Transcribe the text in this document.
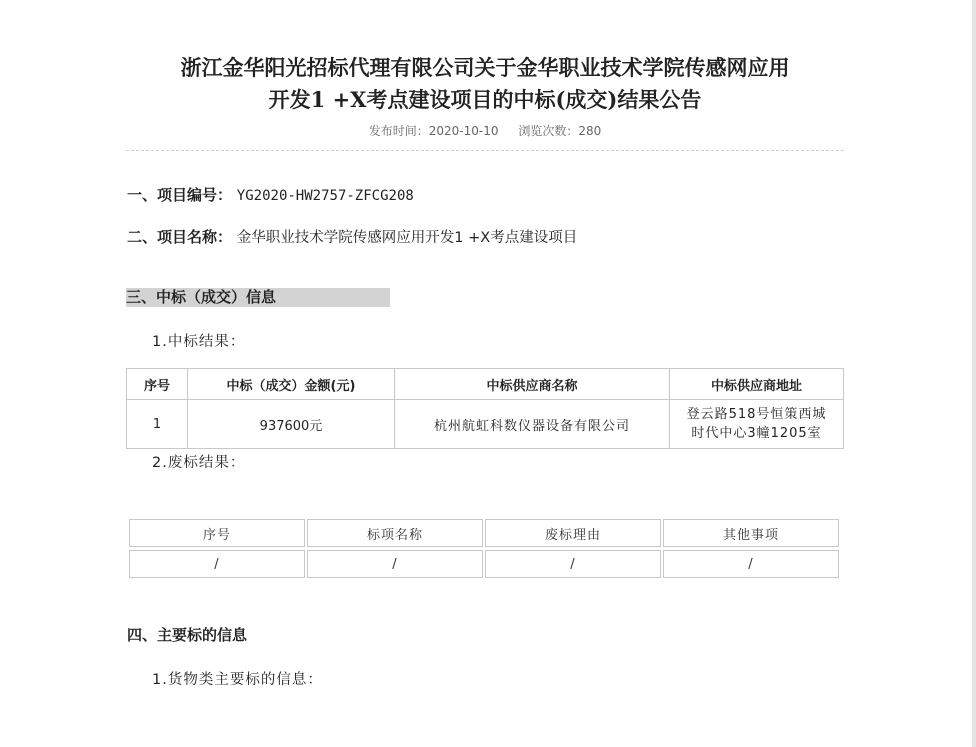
浙江金华阳光招标代理有限公司关于金华职业技术学院传感网应用
开发1 +X考点建设项目的中标(成交)结果公告
发布时间：2020-10-10 浏览次数：280
一、项目编号： YG2020-HW2757-ZFCG208
二、项目名称： 金华职业技术学院传感网应用开发1 +X考点建设项目
三、中标（成交）信息
1.中标结果：
序号	中标（成交）金额(元)	中标供应商名称	中标供应商地址
1	937600元	杭州航虹科数仪器设备有限公司	登云路518号恒策西城
时代中心3幢1205室
2.废标结果：
序号	标项名称	废标理由	其他事项
/	/	/	/
四、主要标的信息
1.货物类主要标的信息：
